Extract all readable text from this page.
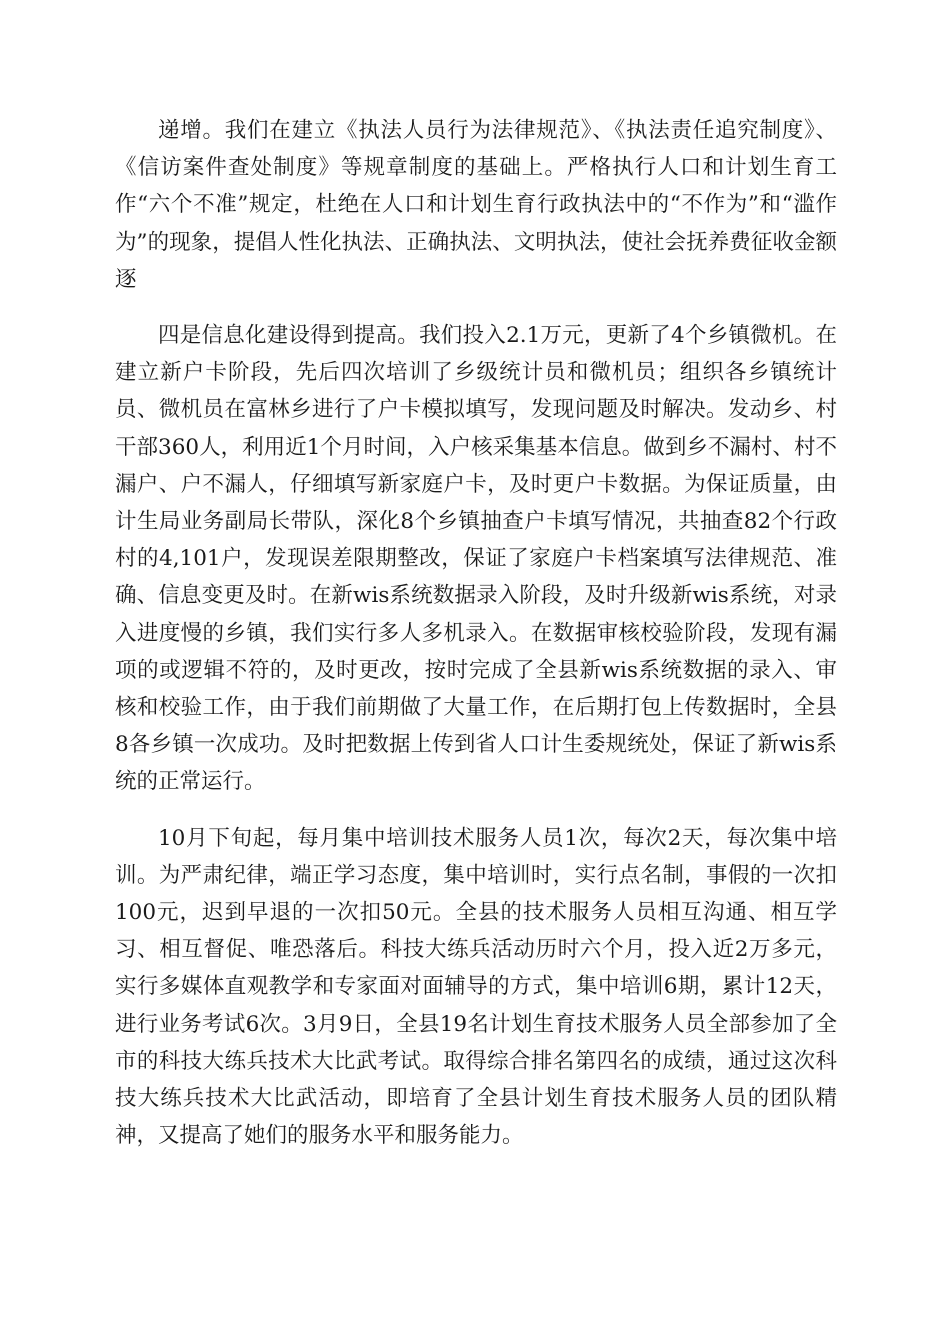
递增。我们在建立《执法人员行为法律规范》、《执法责任追究制度》、《信访案件查处制度》等规章制度的基础上。严格执行人口和计划生育工作“六个不准”规定，杜绝在人口和计划生育行政执法中的“不作为”和“滥作为”的现象，提倡人性化执法、正确执法、文明执法，使社会抚养费征收金额逐

四是信息化建设得到提高。我们投入2.1万元，更新了4个乡镇微机。在建立新户卡阶段，先后四次培训了乡级统计员和微机员；组织各乡镇统计员、微机员在富林乡进行了户卡模拟填写，发现问题及时解决。发动乡、村干部360人，利用近1个月时间，入户核采集基本信息。做到乡不漏村、村不漏户、户不漏人，仔细填写新家庭户卡，及时更户卡数据。为保证质量，由计生局业务副局长带队，深化8个乡镇抽查户卡填写情况，共抽查82个行政村的4,101户，发现误差限期整改，保证了家庭户卡档案填写法律规范、准确、信息变更及时。在新wis系统数据录入阶段，及时升级新wis系统，对录入进度慢的乡镇，我们实行多人多机录入。在数据审核校验阶段，发现有漏项的或逻辑不符的，及时更改，按时完成了全县新wis系统数据的录入、审核和校验工作，由于我们前期做了大量工作，在后期打包上传数据时，全县8各乡镇一次成功。及时把数据上传到省人口计生委规统处，保证了新wis系统的正常运行。

10月下旬起，每月集中培训技术服务人员1次，每次2天，每次集中培训。为严肃纪律，端正学习态度，集中培训时，实行点名制，事假的一次扣100元，迟到早退的一次扣50元。全县的技术服务人员相互沟通、相互学习、相互督促、唯恐落后。科技大练兵活动历时六个月，投入近2万多元，实行多媒体直观教学和专家面对面辅导的方式，集中培训6期，累计12天，进行业务考试6次。3月9日，全县19名计划生育技术服务人员全部参加了全市的科技大练兵技术大比武考试。取得综合排名第四名的成绩，通过这次科技大练兵技术大比武活动，即培育了全县计划生育技术服务人员的团队精神，又提高了她们的服务水平和服务能力。
